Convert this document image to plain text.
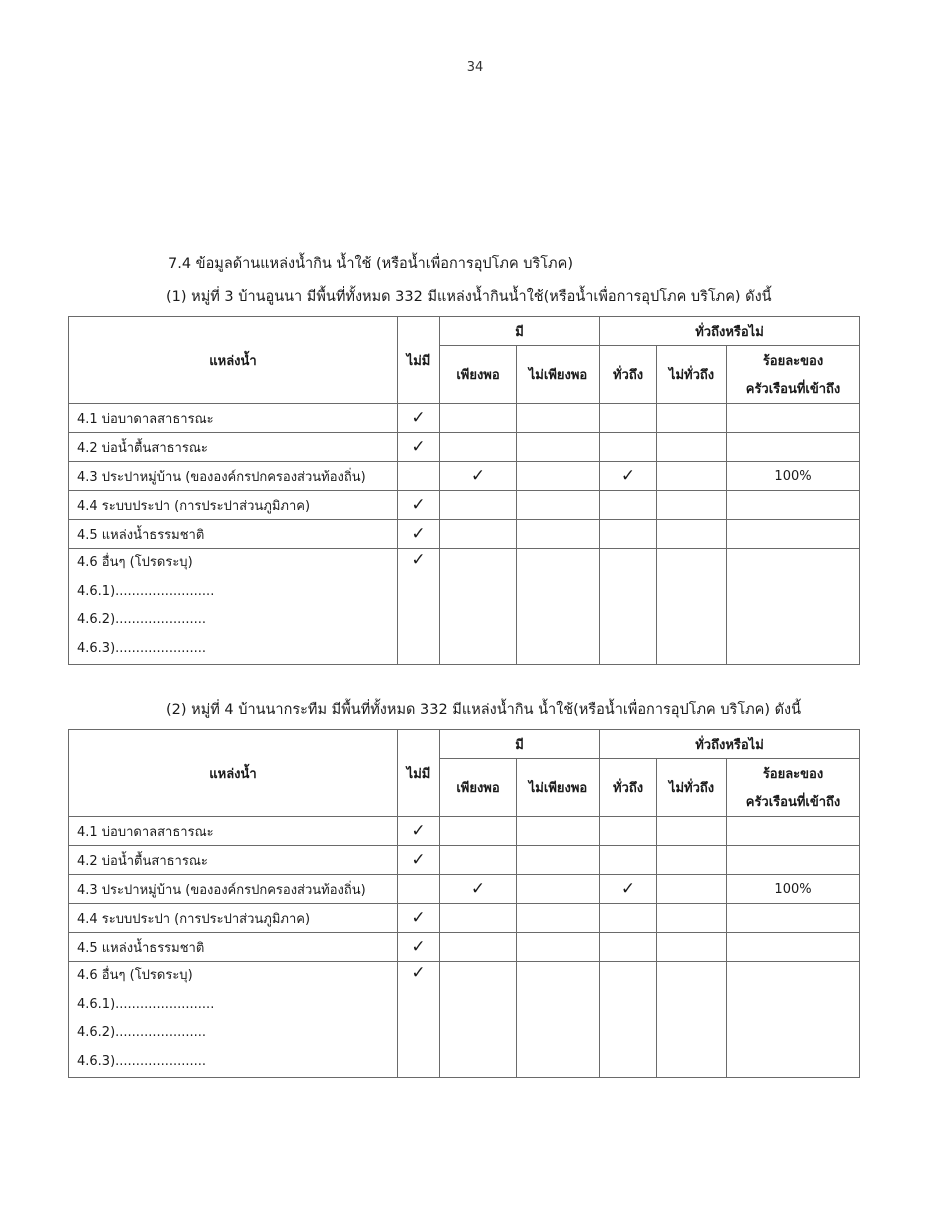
34
7.4 ข้อมูลด้านแหล่งน้ำกิน น้ำใช้ (หรือน้ำเพื่อการอุปโภค บริโภค)
(1) หมู่ที่ 3 บ้านอูนนา มีพื้นที่ทั้งหมด 332 มีแหล่งน้ำกินน้ำใช้(หรือน้ำเพื่อการอุปโภค บริโภค) ดังนี้
แหล่งน้ำ	ไม่มี	มี		ทั่วถึงหรือไม่		
		เพียงพอ	ไม่เพียงพอ	ทั่วถึง	ไม่ทั่วถึง	ร้อยละของ
						ครัวเรือนที่เข้าถึง
4.1 บ่อบาดาลสาธารณะ	✓					
4.2 บ่อน้ำตื้นสาธารณะ	✓					
4.3 ประปาหมู่บ้าน (ขององค์กรปกครองส่วนท้องถิ่น)		✓		✓		100%
4.4 ระบบประปา (การประปาส่วนภูมิภาค)	✓					
4.5 แหล่งน้ำธรรมชาติ	✓					

4.6 อื่นๆ (โปรดระบุ)
4.6.1)........................
4.6.2)......................
4.6.3)......................	✓					

(2) หมู่ที่ 4 บ้านนากระทืม มีพื้นที่ทั้งหมด 332 มีแหล่งน้ำกิน น้ำใช้(หรือน้ำเพื่อการอุปโภค บริโภค) ดังนี้
แหล่งน้ำ	ไม่มี	มี		ทั่วถึงหรือไม่		
		เพียงพอ	ไม่เพียงพอ	ทั่วถึง	ไม่ทั่วถึง	ร้อยละของ
						ครัวเรือนที่เข้าถึง
4.1 บ่อบาดาลสาธารณะ	✓					
4.2 บ่อน้ำตื้นสาธารณะ	✓					
4.3 ประปาหมู่บ้าน (ขององค์กรปกครองส่วนท้องถิ่น)		✓		✓		100%
4.4 ระบบประปา (การประปาส่วนภูมิภาค)	✓					
4.5 แหล่งน้ำธรรมชาติ	✓					

4.6 อื่นๆ (โปรดระบุ)
4.6.1)........................
4.6.2)......................
4.6.3)......................	✓					
